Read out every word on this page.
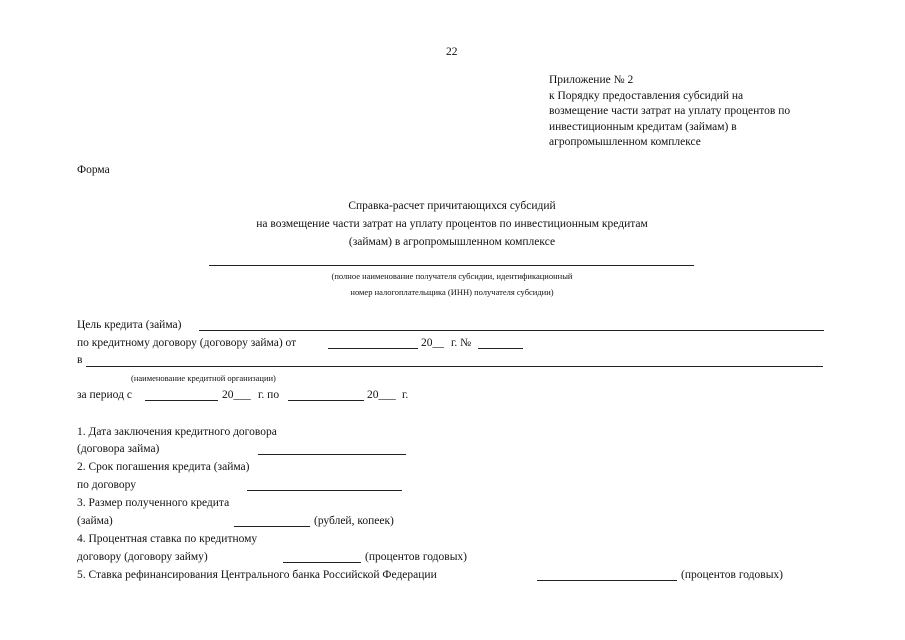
22
Приложение № 2
к Порядку предоставления субсидий на
возмещение части затрат на уплату процентов по
инвестиционным кредитам (займам) в
агропромышленном комплексе
Форма
Справка-расчет причитающихся субсидий
на возмещение части затрат на уплату процентов по инвестиционным кредитам
(займам) в агропромышленном комплексе
(полное наименование получателя субсидии, идентификационный
номер налогоплательщика (ИНН) получателя субсидии)
Цель кредита (займа)
по кредитному договору (договору займа) от	20__ г. №
в
(наименование кредитной организации)
за период с	20___ г. по	20___ г.
1. Дата заключения кредитного договора
(договора займа)
2. Срок погашения кредита (займа)
по договору
3. Размер полученного кредита
(займа)	(рублей, копеек)
4. Процентная ставка по кредитному
договору (договору займу)	(процентов годовых)
5. Ставка рефинансирования Центрального банка Российской Федерации	(процентов годовых)
